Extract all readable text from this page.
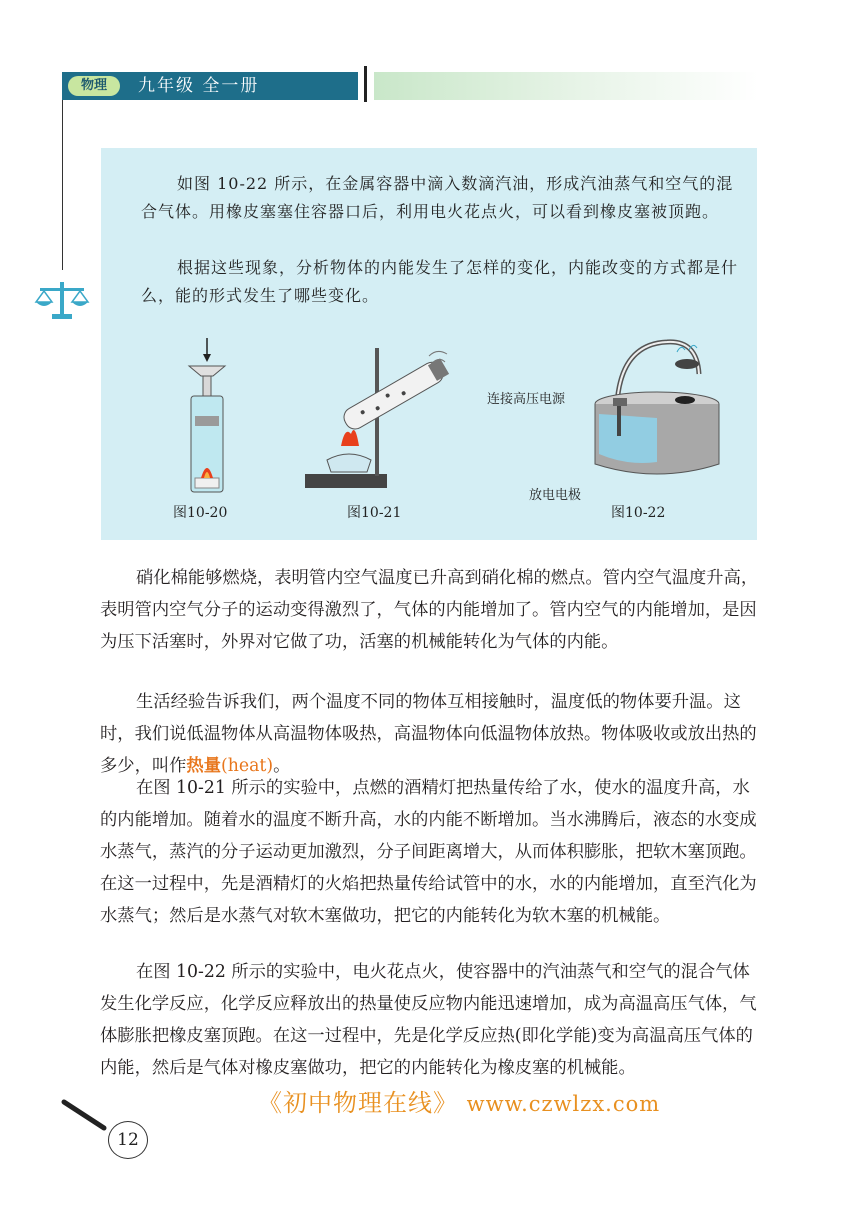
物理	九年级 全一册

如图 10-22 所示，在金属容器中滴入数滴汽油，形成汽油蒸气和空气的混合气体。用橡皮塞塞住容器口后，利用电火花点火，可以看到橡皮塞被顶跑。

根据这些现象，分析物体的内能发生了怎样的变化，内能改变的方式都是什么，能的形式发生了哪些变化。

图10-20	图10-21
连接高压电源
放电电极
图10-22

硝化棉能够燃烧，表明管内空气温度已升高到硝化棉的燃点。管内空气温度升高，表明管内空气分子的运动变得激烈了，气体的内能增加了。管内空气的内能增加，是因为压下活塞时，外界对它做了功，活塞的机械能转化为气体的内能。

生活经验告诉我们，两个温度不同的物体互相接触时，温度低的物体要升温。这时，我们说低温物体从高温物体吸热，高温物体向低温物体放热。物体吸收或放出热的多少，叫作热量(heat)。

在图 10-21 所示的实验中，点燃的酒精灯把热量传给了水，使水的温度升高，水的内能增加。随着水的温度不断升高，水的内能不断增加。当水沸腾后，液态的水变成水蒸气，蒸汽的分子运动更加激烈，分子间距离增大，从而体积膨胀，把软木塞顶跑。在这一过程中，先是酒精灯的火焰把热量传给试管中的水，水的内能增加，直至汽化为水蒸气；然后是水蒸气对软木塞做功，把它的内能转化为软木塞的机械能。

在图 10-22 所示的实验中，电火花点火，使容器中的汽油蒸气和空气的混合气体发生化学反应，化学反应释放出的热量使反应物内能迅速增加，成为高温高压气体，气体膨胀把橡皮塞顶跑。在这一过程中，先是化学反应热(即化学能)变为高温高压气体的内能，然后是气体对橡皮塞做功，把它的内能转化为橡皮塞的机械能。

《初中物理在线》 www.czwlzx.com
12
